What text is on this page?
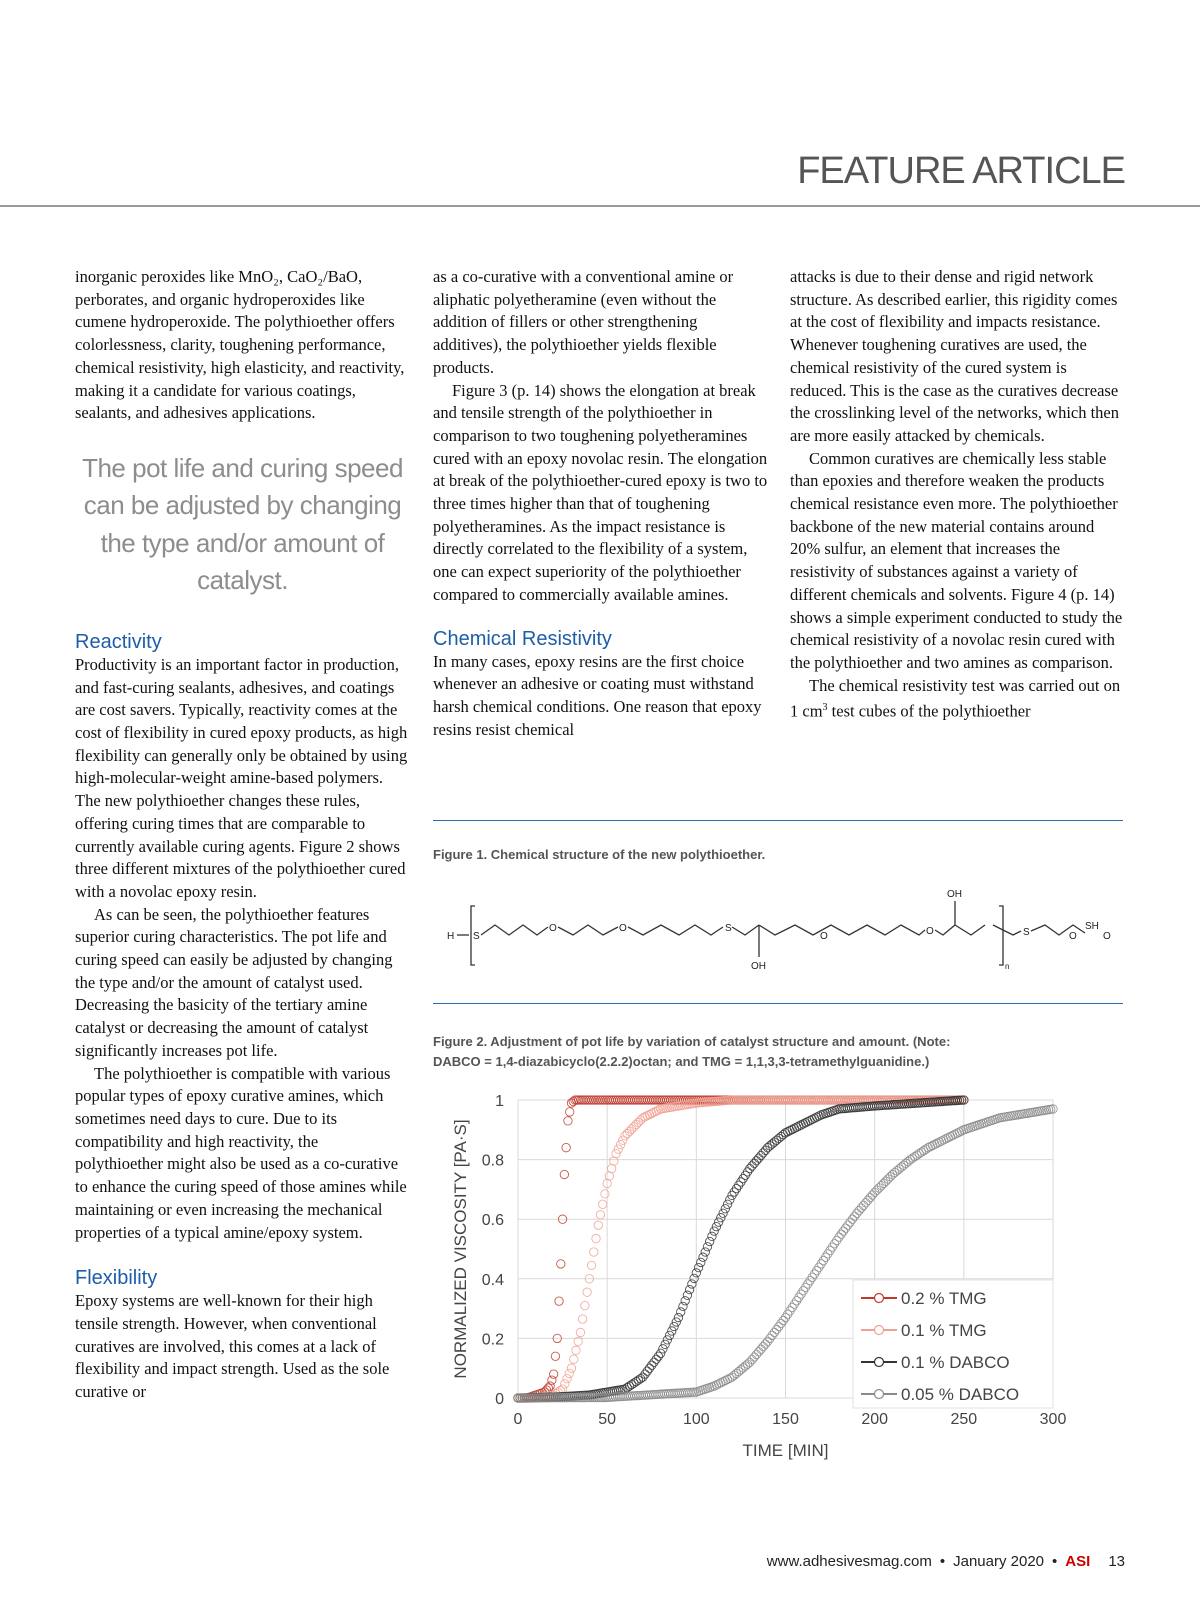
FEATURE ARTICLE

inorganic peroxides like MnO₂, CaO₂/BaO, perborates, and organic hydroperoxides like cumene hydroperoxide. The polythioether offers colorlessness, clarity, toughening performance, chemical resistivity, high elasticity, and reactivity, making it a candidate for various coatings, sealants, and adhesives applications.

The pot life and curing speed can be adjusted by changing the type and/or amount of catalyst.
Reactivity

Productivity is an important factor in production, and fast-curing sealants, adhesives, and coatings are cost savers. Typically, reactivity comes at the cost of flexibility in cured epoxy products, as high flexibility can generally only be obtained by using high-molecular-weight amine-based polymers. The new polythioether changes these rules, offering curing times that are comparable to currently available curing agents. Figure 2 shows three different mixtures of the polythioether cured with a novolac epoxy resin.

As can be seen, the polythioether features superior curing characteristics. The pot life and curing speed can easily be adjusted by changing the type and/or the amount of catalyst used. Decreasing the basicity of the tertiary amine catalyst or decreasing the amount of catalyst significantly increases pot life.

The polythioether is compatible with various popular types of epoxy curative amines, which sometimes need days to cure. Due to its compatibility and high reactivity, the polythioether might also be used as a co-curative to enhance the curing speed of those amines while maintaining or even increasing the mechanical properties of a typical amine/epoxy system.

Flexibility

Epoxy systems are well-known for their high tensile strength. However, when conventional curatives are involved, this comes at a lack of flexibility and impact strength. Used as the sole curative or

as a co-curative with a conventional amine or aliphatic polyetheramine (even without the addition of fillers or other strengthening additives), the polythioether yields flexible products.

Figure 3 (p. 14) shows the elongation at break and tensile strength of the polythioether in comparison to two toughening polyetheramines cured with an epoxy novolac resin. The elongation at break of the polythioether-cured epoxy is two to three times higher than that of toughening polyetheramines. As the impact resistance is directly correlated to the flexibility of a system, one can expect superiority of the polythioether compared to commercially available amines.

Chemical Resistivity

In many cases, epoxy resins are the first choice whenever an adhesive or coating must withstand harsh chemical conditions. One reason that epoxy resins resist chemical

attacks is due to their dense and rigid network structure. As described earlier, this rigidity comes at the cost of flexibility and impacts resistance. Whenever toughening curatives are used, the chemical resistivity of the cured system is reduced. This is the case as the curatives decrease the crosslinking level of the networks, which then are more easily attacked by chemicals.

Common curatives are chemically less stable than epoxies and therefore weaken the products chemical resistance even more. The polythioether backbone of the new material contains around 20% sulfur, an element that increases the resistivity of substances against a variety of different chemicals and solvents. Figure 4 (p. 14) shows a simple experiment conducted to study the chemical resistivity of a novolac resin cured with the polythioether and two amines as comparison.

The chemical resistivity test was carried out on 1 $cm^3$ test cubes of the polythioether

Figure 1. Chemical structure of the new polythioether.
H S
O	O	S
OH
O	O
OH
n
S	O	O
SH
Figure 2. Adjustment of pot life by variation of catalyst structure and amount. (Note: DABCO = 1,4-diazabicyclo(2.2.2)octan; and TMG = 1,1,3,3-tetramethylguanidine.)
0	50	100	150	200	250	300
0
0.2
0.4
0.6
0.8
1
TIME [MIN]
NORMALIZED VISCOSITY [PA·S]	0.2 % TMG
0.1 % TMG
0.1 % DABCO
0.05 % DABCO
www.adhesivesmag.com • January 2020 • ASI 13
